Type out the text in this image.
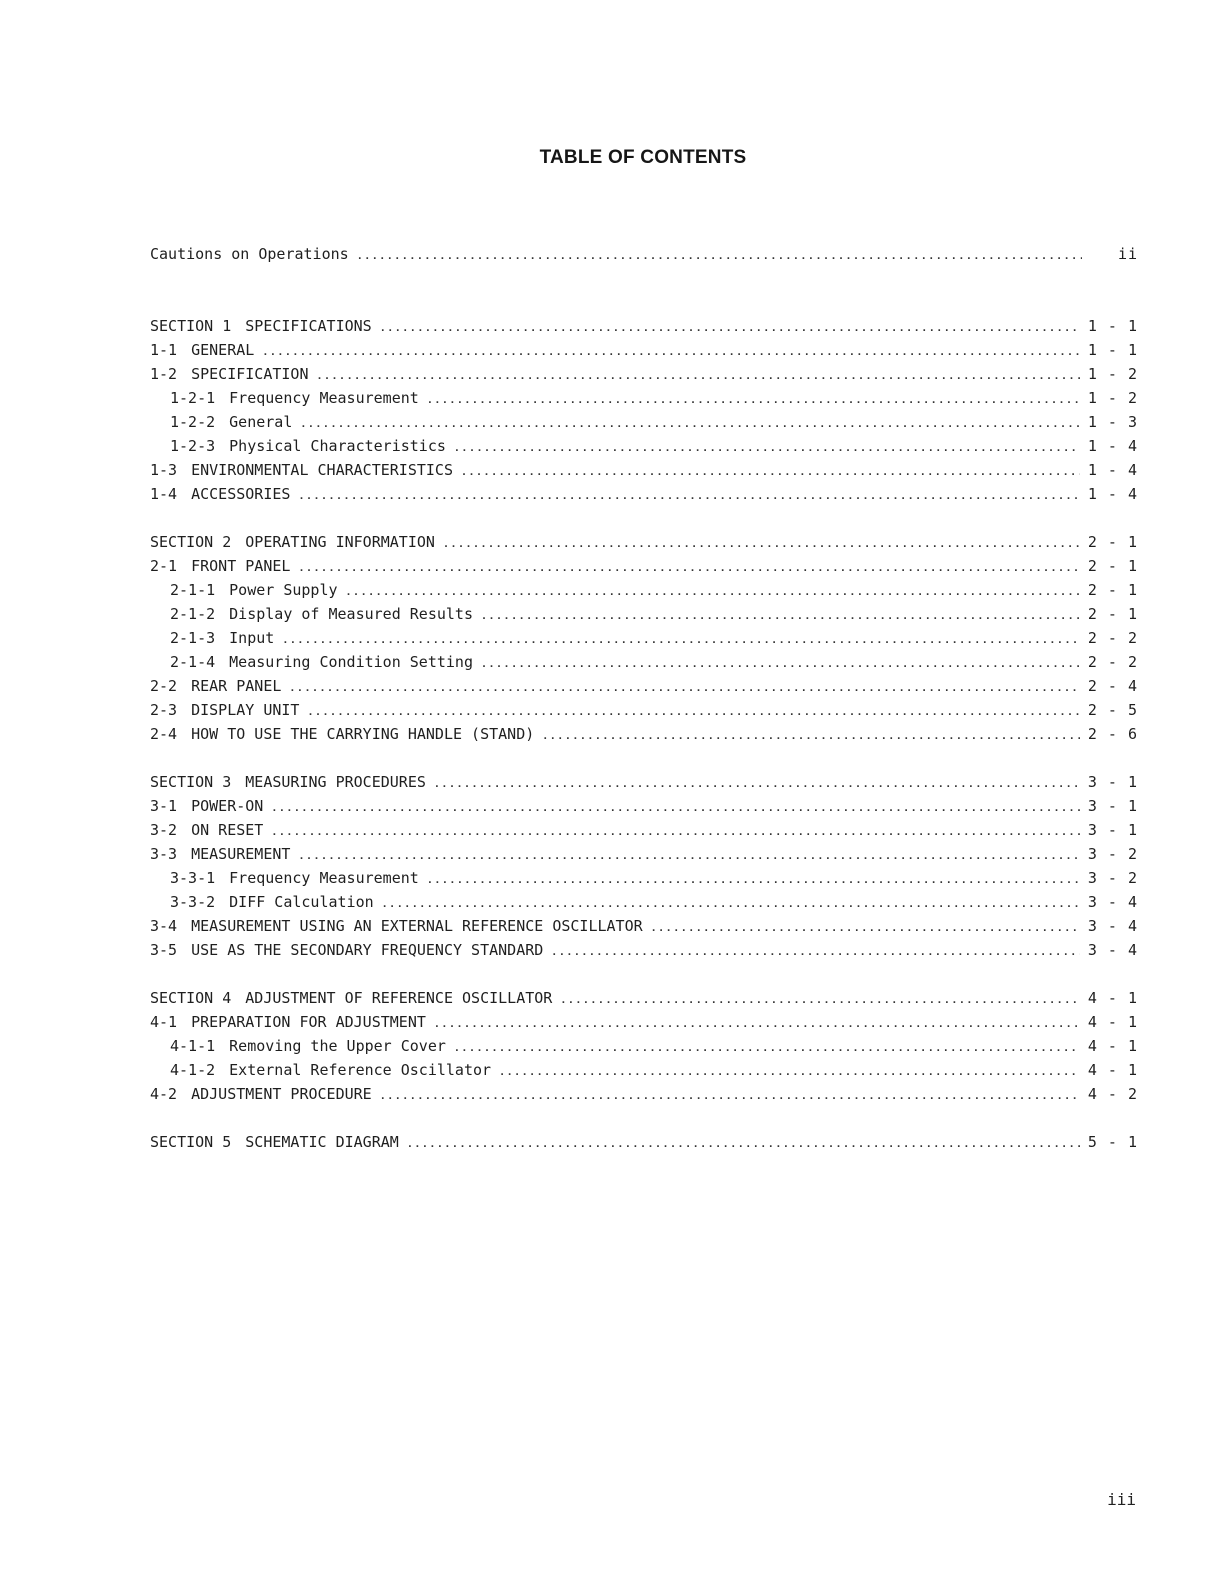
TABLE OF CONTENTS
Cautions on Operations .....	ii
SECTION 1 SPECIFICATIONS .....	1 - 1
1-1 GENERAL .....	1 - 1
1-2 SPECIFICATION .....	1 - 2
1-2-1 Frequency Measurement .....	1 - 2
1-2-2 General .....	1 - 3
1-2-3 Physical Characteristics .....	1 - 4
1-3 ENVIRONMENTAL CHARACTERISTICS .....	1 - 4
1-4 ACCESSORIES .....	1 - 4
SECTION 2 OPERATING INFORMATION .....	2 - 1
2-1 FRONT PANEL .....	2 - 1
2-1-1 Power Supply .....	2 - 1
2-1-2 Display of Measured Results .....	2 - 1
2-1-3 Input .....	2 - 2
2-1-4 Measuring Condition Setting .....	2 - 2
2-2 REAR PANEL .....	2 - 4
2-3 DISPLAY UNIT .....	2 - 5
2-4 HOW TO USE THE CARRYING HANDLE (STAND) .....	2 - 6
SECTION 3 MEASURING PROCEDURES .....	3 - 1
3-1 POWER-ON .....	3 - 1
3-2 ON RESET .....	3 - 1
3-3 MEASUREMENT .....	3 - 2
3-3-1 Frequency Measurement .....	3 - 2
3-3-2 DIFF Calculation .....	3 - 4
3-4 MEASUREMENT USING AN EXTERNAL REFERENCE OSCILLATOR .....	3 - 4
3-5 USE AS THE SECONDARY FREQUENCY STANDARD .....	3 - 4
SECTION 4 ADJUSTMENT OF REFERENCE OSCILLATOR .....	4 - 1
4-1 PREPARATION FOR ADJUSTMENT .....	4 - 1
4-1-1 Removing the Upper Cover .....	4 - 1
4-1-2 External Reference Oscillator .....	4 - 1
4-2 ADJUSTMENT PROCEDURE .....	4 - 2
SECTION 5 SCHEMATIC DIAGRAM .....	5 - 1
iii
